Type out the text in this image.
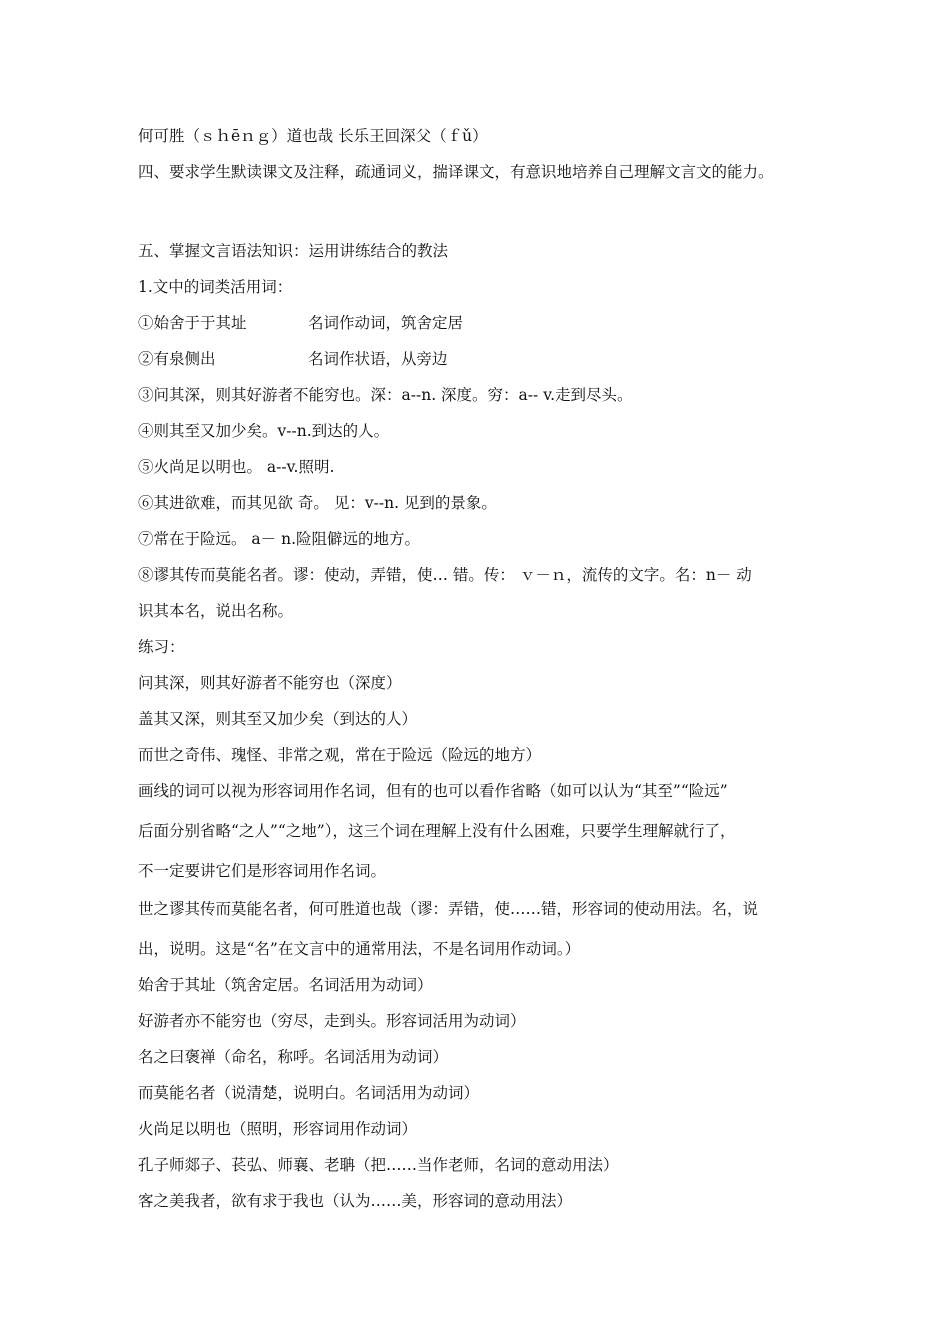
何可胜（ｓｈēｎｇ）道也哉 长乐王回深父（ｆǔ）
四、要求学生默读课文及注释，疏通词义，揣译课文，有意识地培养自己理解文言文的能力。
五、掌握文言语法知识：运用讲练结合的教法
1.文中的词类活用词：
①始舍于于其址	名词作动词，筑舍定居
②有泉侧出	名词作状语，从旁边
③问其深，则其好游者不能穷也。深：a--n. 深度。穷：a-- v.走到尽头。
④则其至又加少矣。v--n.到达的人。
⑤火尚足以明也。 a--v.照明.
⑥其进欲难，而其见欲 奇。 见：v--n. 见到的景象。
⑦常在于险远。 a－ n.险阻僻远的地方。
⑧谬其传而莫能名者。谬：使动，弄错，使… 错。传： ｖ－ｎ，流传的文字。名：n－ 动
识其本名，说出名称。
练习：
问其深，则其好游者不能穷也（深度）
盖其又深，则其至又加少矣（到达的人）
而世之奇伟、瑰怪、非常之观，常在于险远（险远的地方）
画线的词可以视为形容词用作名词，但有的也可以看作省略（如可以认为“其至”“险远”
后面分别省略“之人”“之地”），这三个词在理解上没有什么困难，只要学生理解就行了，
不一定要讲它们是形容词用作名词。
世之谬其传而莫能名者，何可胜道也哉（谬：弄错，使……错，形容词的使动用法。名，说
出，说明。这是“名”在文言中的通常用法，不是名词用作动词。）
始舍于其址（筑舍定居。名词活用为动词）
好游者亦不能穷也（穷尽，走到头。形容词活用为动词）
名之曰褒禅（命名，称呼。名词活用为动词）
而莫能名者（说清楚，说明白。名词活用为动词）
火尚足以明也（照明，形容词用作动词）
孔子师郯子、苌弘、师襄、老聃（把……当作老师，名词的意动用法）
客之美我者，欲有求于我也（认为……美，形容词的意动用法）
